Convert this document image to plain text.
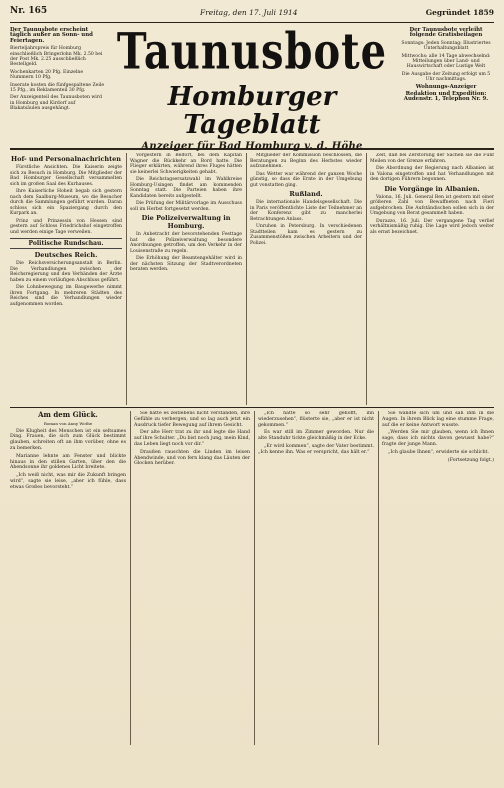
Nr. 165	Freitag, den 17. Juli 1914	Gegründet 1859

Der Taunusbote erscheint täglich außer an Sonn- und Feiertagen.

Bierteljahrspreis für Homburg einschließlich Bringerlohn Mk. 2.50 bei der Post Mk. 2.25 ausschließlich Bestellgeld.

Wochenkarten 20 Pfg. Einzelne Nummern 10 Pfg.

Inserate kosten die fünfgespaltene Zeile 15 Pfg., im Reklamenteil 30 Pfg.

Der Anzeigenteil des Taunusboten wird in Homburg und Kirdorf auf Blakatsäulen ausgehängt.

Taunusbote
Homburger Tageblatt
Anzeiger für Bad Homburg v. d. Höhe

Der Taunusbote verleiht folgende Gratisbeilagen

Sonntags: Jeden Sonntag: Illustriertes Unterhaltungsblatt

Mittwochs: alle 14 Tage abwechselnd: Mitteilungen über Land- und Hauswirtschaft oder Lustige Welt

Die Ausgabe der Zeitung erfolgt um 5 Uhr nachmittags.

Wohnungs-Anzeiger

Redaktion und Expedition: Audenstr. 1, Telephon Nr. 9.

Hof- und Personalnachrichten

Fürstliche Ansichten. Die Kaiserin zeigte sich zu Besuch in Homburg. Die Mitglieder der Bad Homburger Gesellschaft versammelten sich im großen Saal des Kurhauses.

Ihre Kaiserliche Hoheit begab sich gestern nach dem Saalburg-Museum, wo die Besucher durch die Sammlungen geführt wurden. Daran schloss sich ein Spaziergang durch den Kurpark an.

Prinz und Prinzessin von Hessen sind gestern auf Schloss Friedrichshof eingetroffen und werden einige Tage verweilen.

Politische Rundschau.
Deutsches Reich.

Die Reichsversicherungsanstalt in Berlin. Die Verhandlungen zwischen der Reichsregierung und den Verbänden der Ärzte haben zu einem vorläufigen Abschluss geführt.

Die Lohnbewegung im Baugewerbe nimmt ihren Fortgang. In mehreren Städten des Reiches sind die Verhandlungen wieder aufgenommen worden.

Vorgestern in Belfort, bei dem Kapitän Wagner die Rückkehr an Bord hatte. Die Flieger erklärten, während ihres Fluges hätten sie keinerlei Schwierigkeiten gehabt.

Die Reichstagsersatzwahl im Wahlkreise Homburg-Usingen findet am kommenden Sonntag statt. Die Parteien haben ihre Kandidaten bereits aufgestellt.

Die Prüfung der Militärvorlage im Ausschuss soll im Herbst fortgesetzt werden.

Die Polizeiverwaltung in Homburg.

In Anbetracht der bevorstehenden Festtage hat die Polizeiverwaltung besondere Anordnungen getroffen, um den Verkehr in der Louisenstraße zu regeln.

Die Erhöhung der Beamtengehälter wird in der nächsten Sitzung der Stadtverordneten beraten werden.

Mitglieder der Kommission beschlossen, die Beratungen zu Beginn des Herbstes wieder aufzunehmen.

Das Wetter war während der ganzen Woche günstig, so dass die Ernte in der Umgebung gut vonstatten ging.

Rußland.

Die internationale Handelsgesellschaft. Die in Paris veröffentlichte Liste der Teilnehmer an der Konferenz gibt zu mancherlei Betrachtungen Anlass.

Unruhen in Petersburg. In verschiedenen Stadtteilen kam es gestern zu Zusammenstößen zwischen Arbeitern und der Polizei.

Zeit, daß bei Zerstörung der Sachen sie die Fünf Meilen von der Grenze erfahren.

Die Abordnung der Regierung nach Albanien ist in Valona eingetroffen und hat Verhandlungen mit den dortigen Führern begonnen.

Die Vorgänge in Albanien.

Valona, 16. Juli. General Ben ist gestern mit einer größeren Zahl von Bewaffneten nach Fieri aufgebrochen. Die Aufständischen sollen sich in der Umgebung von Berat gesammelt haben.

Durazzo, 16. Juli. Der vergangene Tag verlief verhältnismäßig ruhig. Die Lage wird jedoch weiter als ernst bezeichnet.

Am dem Glück.

Roman von Anny Wothe

Die Klugheit des Menschen ist ein seltsames Ding. Frauen, die sich zum Glück bestimmt glauben, schreiten oft an ihm vorüber, ohne es zu bemerken.

Marianne lehnte am Fenster und blickte hinaus in den stillen Garten, über den die Abendsonne ihr goldenes Licht breitete.

„Ich weiß nicht, was mir die Zukunft bringen wird“, sagte sie leise, „aber ich fühle, dass etwas Großes bevorsteht.“

Sie hatte es zeitlebens nicht verstanden, ihre Gefühle zu verbergen, und so lag auch jetzt ein Ausdruck tiefer Bewegung auf ihrem Gesicht.

Der alte Herr trat zu ihr und legte die Hand auf ihre Schulter. „Du bist noch jung, mein Kind, das Leben liegt noch vor dir.“

Draußen rauschten die Linden im leisen Abendwinde, und von fern klang das Läuten der Glocken herüber.

„Ich hatte so sehr gehofft, ihn wiederzusehen“, flüsterte sie, „aber er ist nicht gekommen.“

Es war still im Zimmer geworden. Nur die alte Standuhr tickte gleichmäßig in der Ecke.

„Er wird kommen“, sagte der Vater bestimmt. „Ich kenne ihn. Was er verspricht, das hält er.“

Sie wandte sich um und sah ihm in die Augen. In ihrem Blick lag eine stumme Frage, auf die er keine Antwort wusste.

„Werden Sie mir glauben, wenn ich Ihnen sage, dass ich nichts davon gewusst habe?“ fragte der junge Mann.

„Ich glaube Ihnen“, erwiderte sie schlicht.

(Fortsetzung folgt.)
